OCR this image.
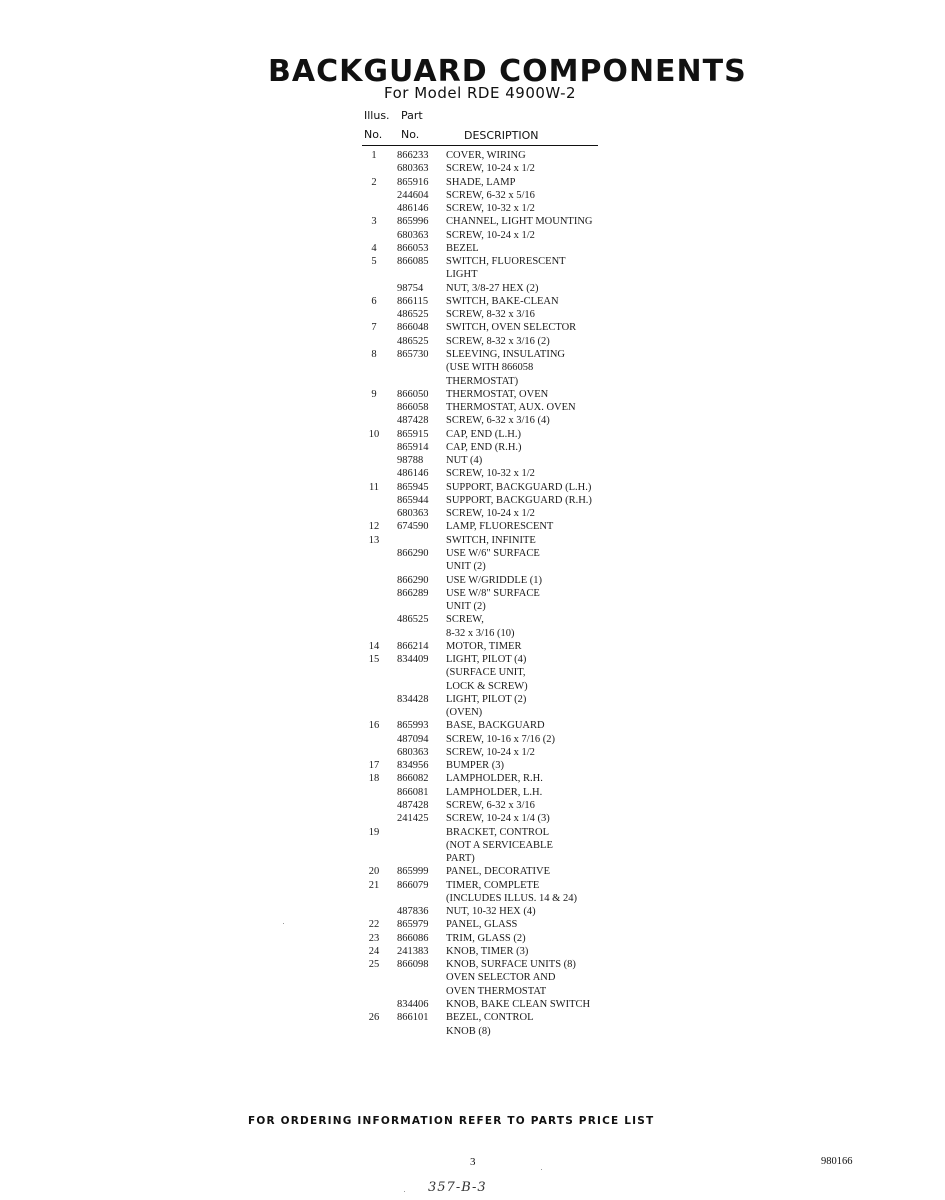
BACKGUARD COMPONENTS
For Model RDE 4900W-2
Illus. Part
No. No.	DESCRIPTION
1	866233 COVER, WIRING
680363 SCREW, 10-24 x 1/2
2	865916 SHADE, LAMP
244604 SCREW, 6-32 x 5/16
486146 SCREW, 10-32 x 1/2
3	865996 CHANNEL, LIGHT MOUNTING
680363 SCREW, 10-24 x 1/2
4	866053 BEZEL
5	866085 SWITCH, FLUORESCENT
LIGHT
98754 NUT, 3/8-27 HEX (2)
6	866115 SWITCH, BAKE-CLEAN
486525 SCREW, 8-32 x 3/16
7	866048 SWITCH, OVEN SELECTOR
486525 SCREW, 8-32 x 3/16 (2)
8	865730 SLEEVING, INSULATING
(USE WITH 866058
THERMOSTAT)
9	866050 THERMOSTAT, OVEN
866058 THERMOSTAT, AUX. OVEN
487428 SCREW, 6-32 x 3/16 (4)
10	865915 CAP, END (L.H.)
865914 CAP, END (R.H.)
98788 NUT (4)
486146 SCREW, 10-32 x 1/2
11	865945 SUPPORT, BACKGUARD (L.H.)
865944 SUPPORT, BACKGUARD (R.H.)
680363 SCREW, 10-24 x 1/2
12	674590 LAMP, FLUORESCENT
13	SWITCH, INFINITE
866290 USE W/6" SURFACE
UNIT (2)
866290 USE W/GRIDDLE (1)
866289 USE W/8" SURFACE
UNIT (2)
486525 SCREW,
8-32 x 3/16 (10)
14	866214 MOTOR, TIMER
15	834409 LIGHT, PILOT (4)
(SURFACE UNIT,
LOCK & SCREW)
834428 LIGHT, PILOT (2)
(OVEN)
16	865993 BASE, BACKGUARD
487094 SCREW, 10-16 x 7/16 (2)
680363 SCREW, 10-24 x 1/2
17	834956 BUMPER (3)
18	866082 LAMPHOLDER, R.H.
866081 LAMPHOLDER, L.H.
487428 SCREW, 6-32 x 3/16
241425 SCREW, 10-24 x 1/4 (3)
19	BRACKET, CONTROL
(NOT A SERVICEABLE
PART)
20	865999 PANEL, DECORATIVE
21	866079 TIMER, COMPLETE
(INCLUDES ILLUS. 14 & 24)
487836 NUT, 10-32 HEX (4)
22	865979 PANEL, GLASS
23	866086 TRIM, GLASS (2)
24	241383 KNOB, TIMER (3)
25	866098 KNOB, SURFACE UNITS (8)
OVEN SELECTOR AND
OVEN THERMOSTAT
834406 KNOB, BAKE CLEAN SWITCH
26	866101 BEZEL, CONTROL
KNOB (8)
FOR ORDERING INFORMATION REFER TO PARTS PRICE LIST
3	980166
357-B-3
